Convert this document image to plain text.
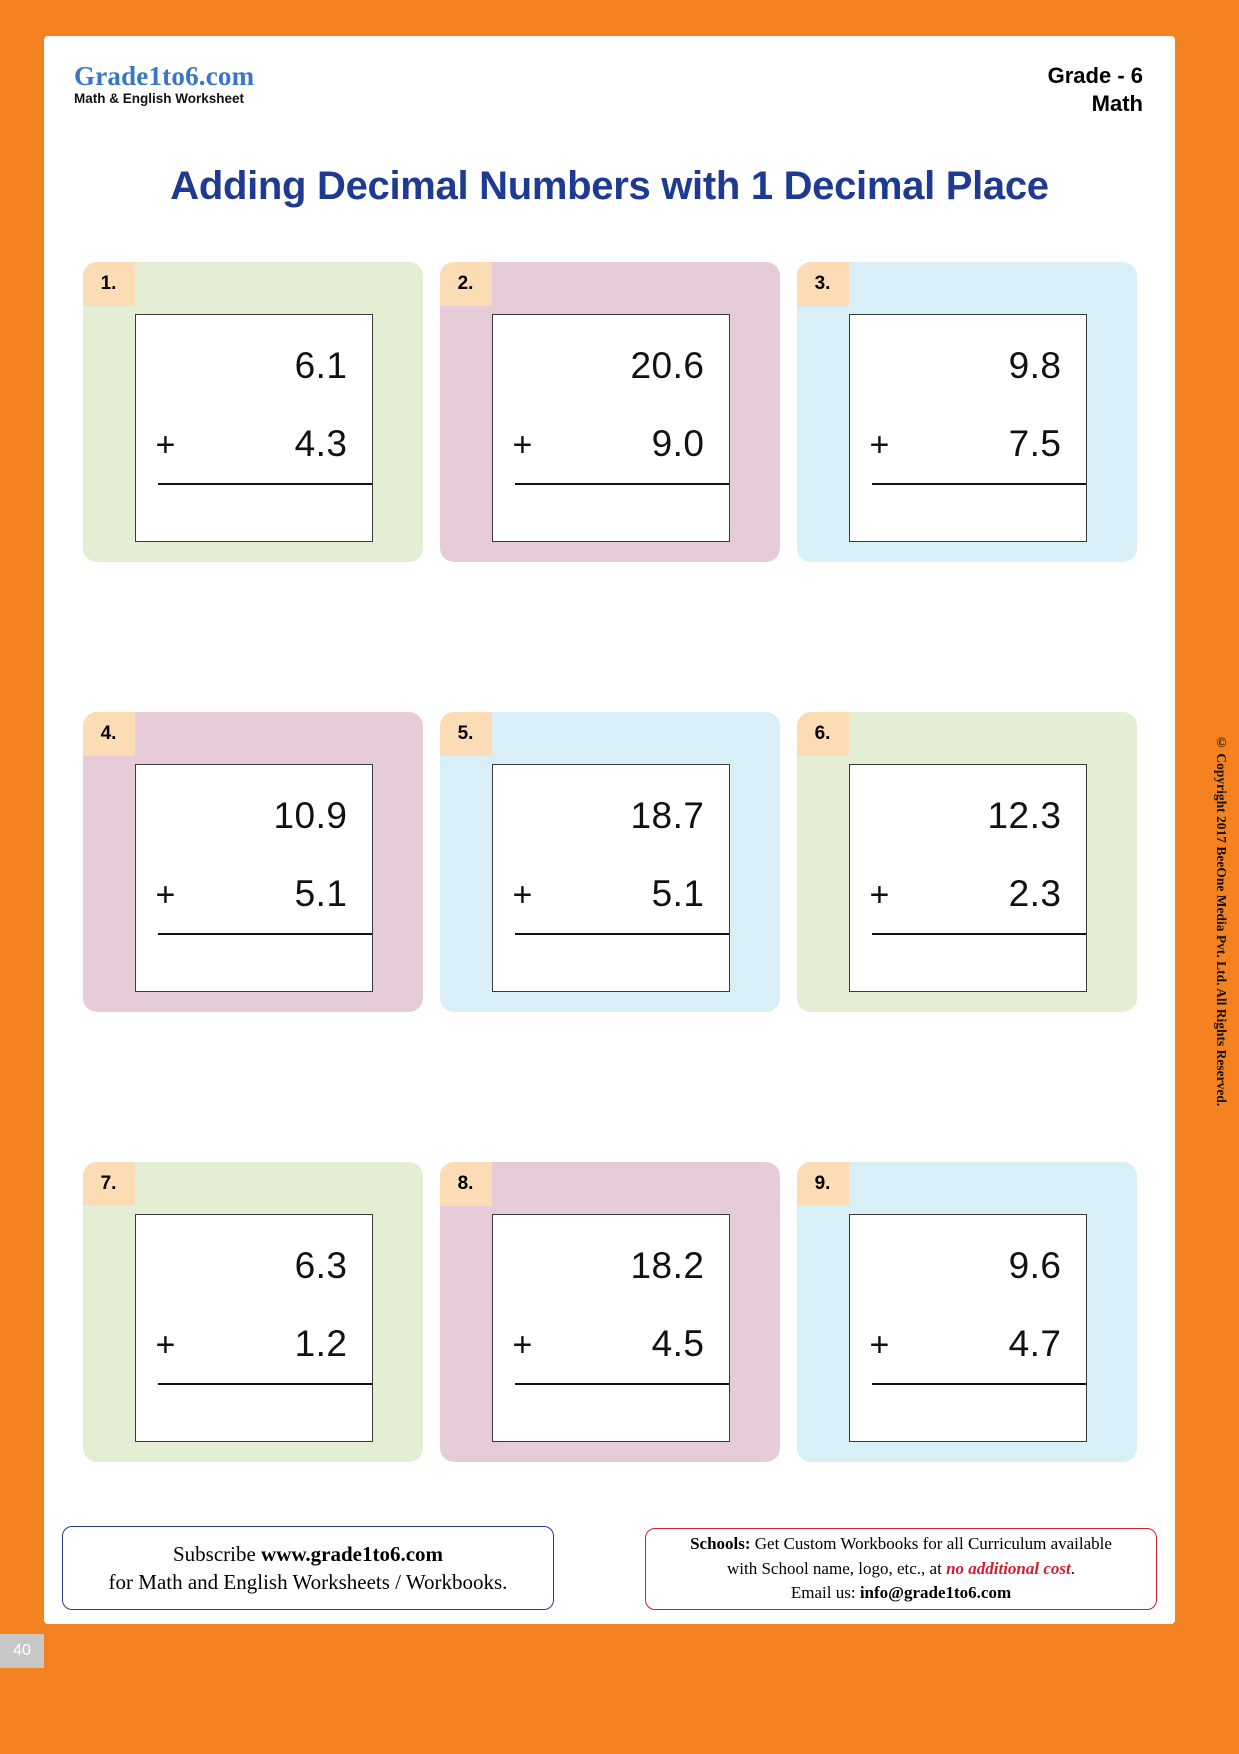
Grade1to6.com
Math & English Worksheet
Grade - 6
Math
Adding Decimal Numbers with 1 Decimal Place
1.
+
6.1
4.3
2.
+
20.6
9.0
3.
+
9.8
7.5
4.
+
10.9
5.1
5.
+
18.7
5.1
6.
+
12.3
2.3
7.
+
6.3
1.2
8.
+
18.2
4.5
9.
+
9.6
4.7
Subscribe www.grade1to6.com
for Math and English Worksheets / Workbooks.
Schools: Get Custom Workbooks for all Curriculum available
with School name, logo, etc., at no additional cost.
Email us: info@grade1to6.com
40
© Copyright 2017 BeeOne Media Pvt. Ltd. All Rights Reserved.
